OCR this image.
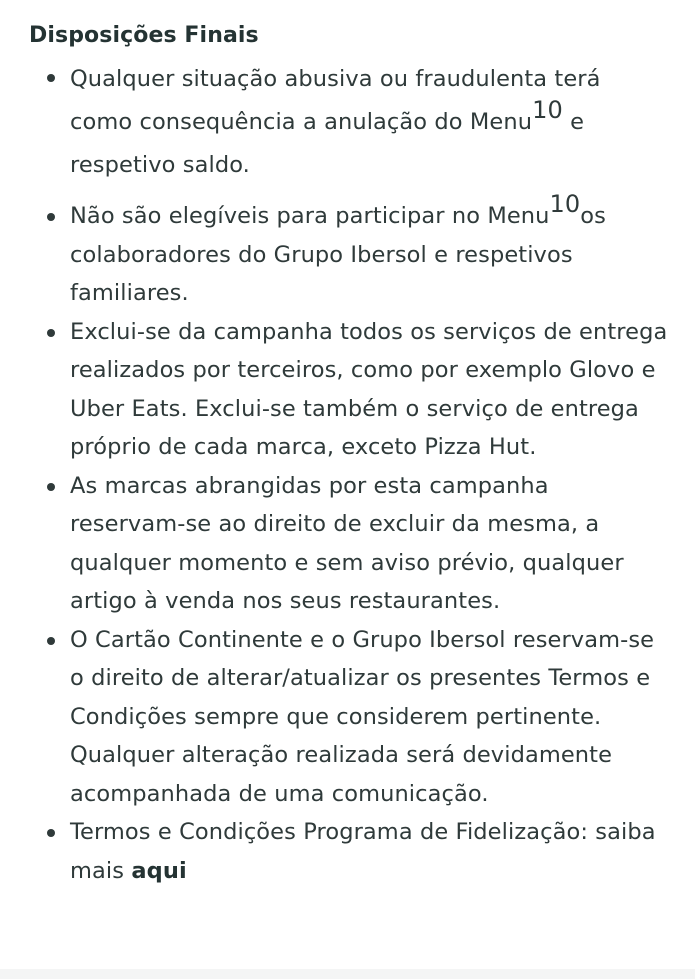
Disposições Finais
Qualquer situação abusiva ou fraudulenta terá como consequência a anulação do Menu$^{10}$ e respetivo saldo.
Não são elegíveis para participar no Menu$^{10}$os colaboradores do Grupo Ibersol e respetivos familiares.
Exclui-se da campanha todos os serviços de entrega realizados por terceiros, como por exemplo Glovo e Uber Eats. Exclui-se também o serviço de entrega próprio de cada marca, exceto Pizza Hut.
As marcas abrangidas por esta campanha reservam-se ao direito de excluir da mesma, a qualquer momento e sem aviso prévio, qualquer artigo à venda nos seus restaurantes.
O Cartão Continente e o Grupo Ibersol reservam-se o direito de alterar/atualizar os presentes Termos e Condições sempre que considerem pertinente. Qualquer alteração realizada será devidamente acompanhada de uma comunicação.
Termos e Condições Programa de Fidelização: saiba mais aqui
